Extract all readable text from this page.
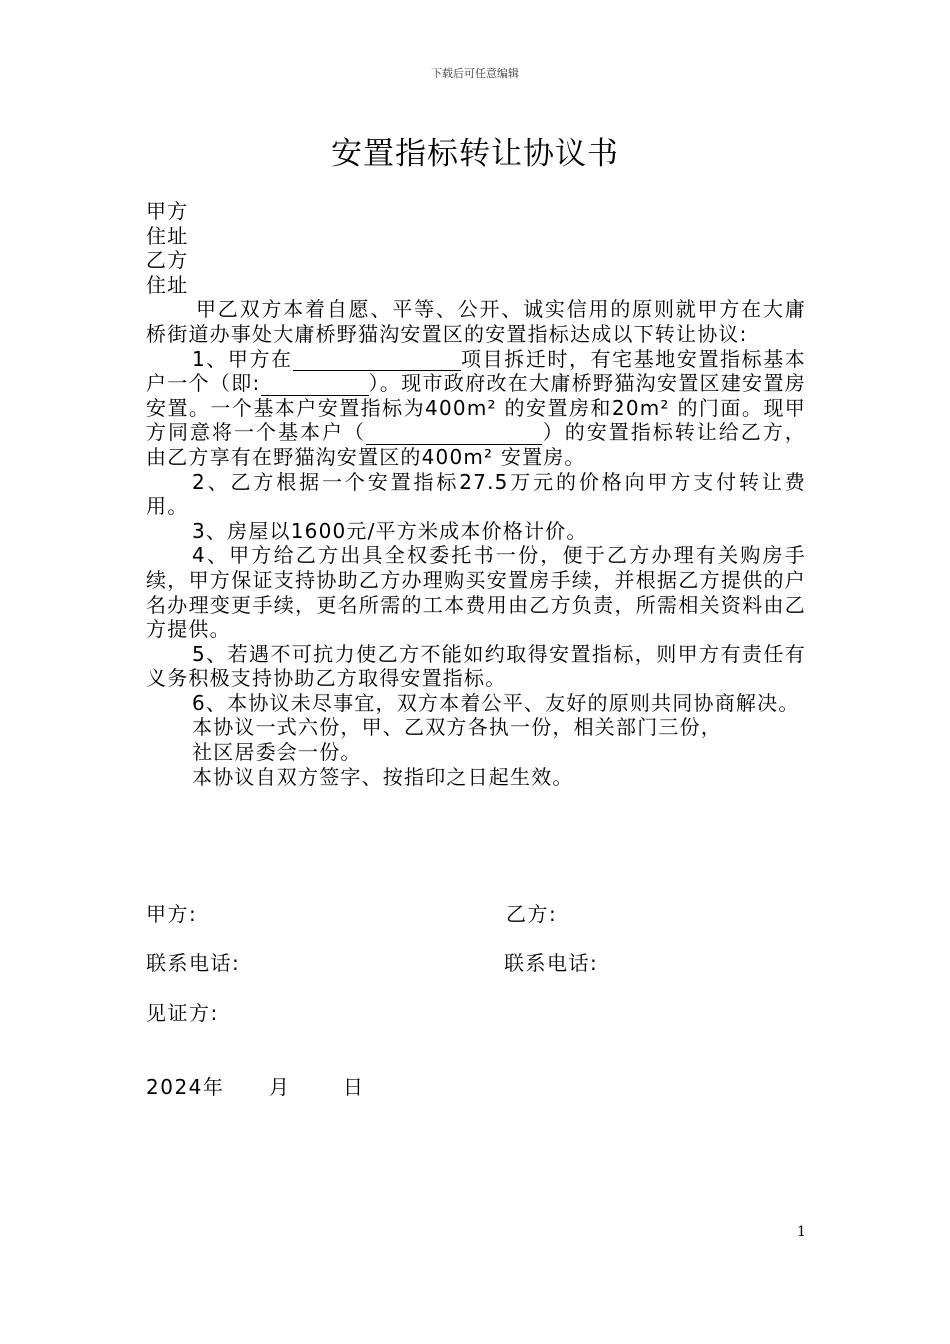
下载后可任意编辑
安置指标转让协议书
甲方
住址
乙方
住址
甲乙双方本着自愿、平等、公开、诚实信用的原则就甲方在大庸桥街道办事处大庸桥野猫沟安置区的安置指标达成以下转让协议:
1、甲方在	项目拆迁时，有宅基地安置指标基本户一个（即:	）。现市政府改在大庸桥野猫沟安置区建安置房安置。一个基本户安置指标为400m² 的安置房和20m² 的门面。现甲方同意将一个基本户（	）的安置指标转让给乙方，由乙方享有在野猫沟安置区的400m² 安置房。
2、乙方根据一个安置指标27.5万元的价格向甲方支付转让费用。
3、房屋以1600元/平方米成本价格计价。
4、甲方给乙方出具全权委托书一份，便于乙方办理有关购房手续，甲方保证支持协助乙方办理购买安置房手续，并根据乙方提供的户名办理变更手续，更名所需的工本费用由乙方负责，所需相关资料由乙方提供。
5、若遇不可抗力使乙方不能如约取得安置指标，则甲方有责任有义务积极支持协助乙方取得安置指标。
6、本协议未尽事宜，双方本着公平、友好的原则共同协商解决。
本协议一式六份，甲、乙双方各执一份，相关部门三份，
社区居委会一份。
本协议自双方签字、按指印之日起生效。
甲方:	乙方:
联系电话:	联系电话:
见证方:
2024年 月	日
1
